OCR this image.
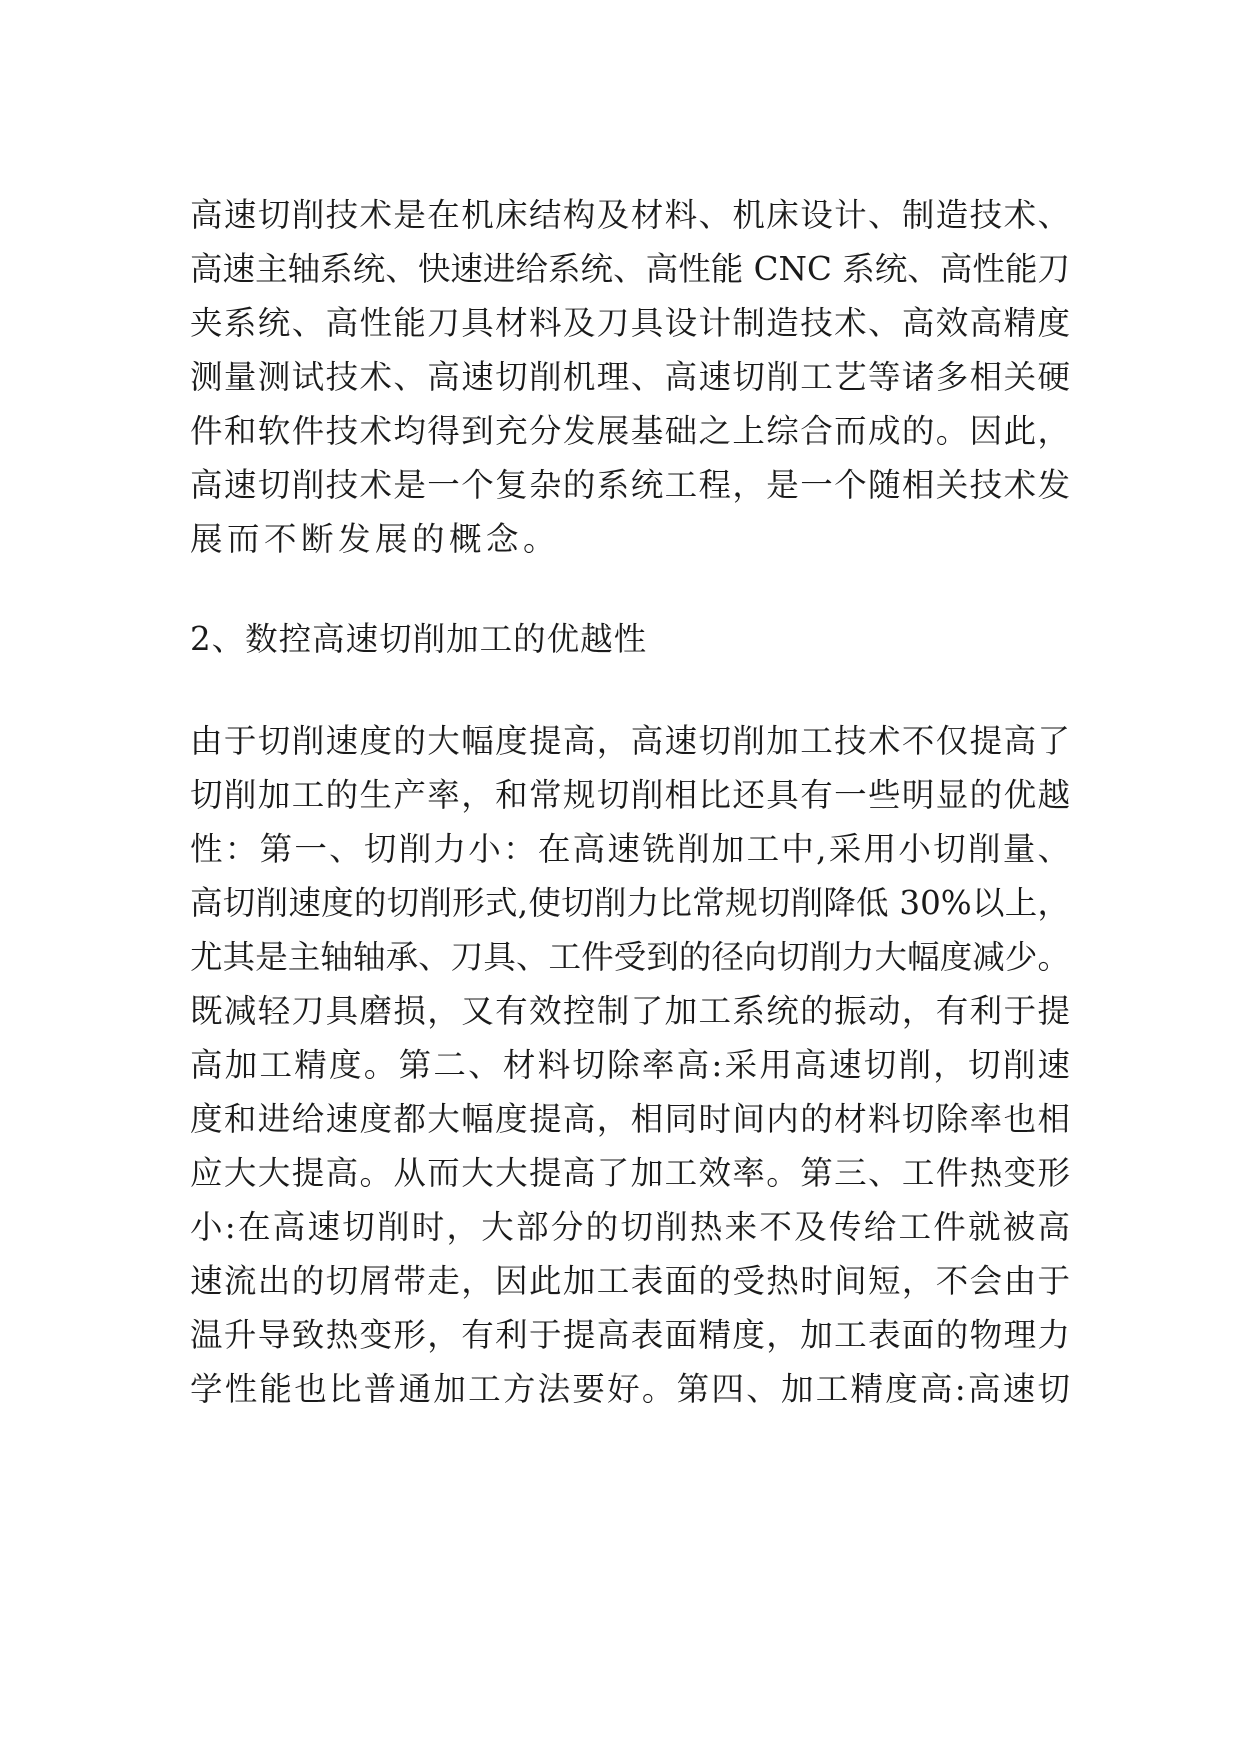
高速切削技术是在机床结构及材料、机床设计、制造技术、
高速主轴系统、快速进给系统、高性能 CNC 系统、高性能刀
夹系统、高性能刀具材料及刀具设计制造技术、高效高精度
测量测试技术、高速切削机理、高速切削工艺等诸多相关硬
件和软件技术均得到充分发展基础之上综合而成的。因此，
高速切削技术是一个复杂的系统工程，是一个随相关技术发
展而不断发展的概念。
2、数控高速切削加工的优越性
由于切削速度的大幅度提高，高速切削加工技术不仅提高了
切削加工的生产率，和常规切削相比还具有一些明显的优越
性：第一、切削力小：在高速铣削加工中,采用小切削量、
高切削速度的切削形式,使切削力比常规切削降低 30%以上，
尤其是主轴轴承、刀具、工件受到的径向切削力大幅度减少。
既减轻刀具磨损，又有效控制了加工系统的振动，有利于提
高加工精度。第二、材料切除率高:采用高速切削，切削速
度和进给速度都大幅度提高，相同时间内的材料切除率也相
应大大提高。从而大大提高了加工效率。第三、工件热变形
小:在高速切削时，大部分的切削热来不及传给工件就被高
速流出的切屑带走，因此加工表面的受热时间短，不会由于
温升导致热变形，有利于提高表面精度，加工表面的物理力
学性能也比普通加工方法要好。第四、加工精度高:高速切
